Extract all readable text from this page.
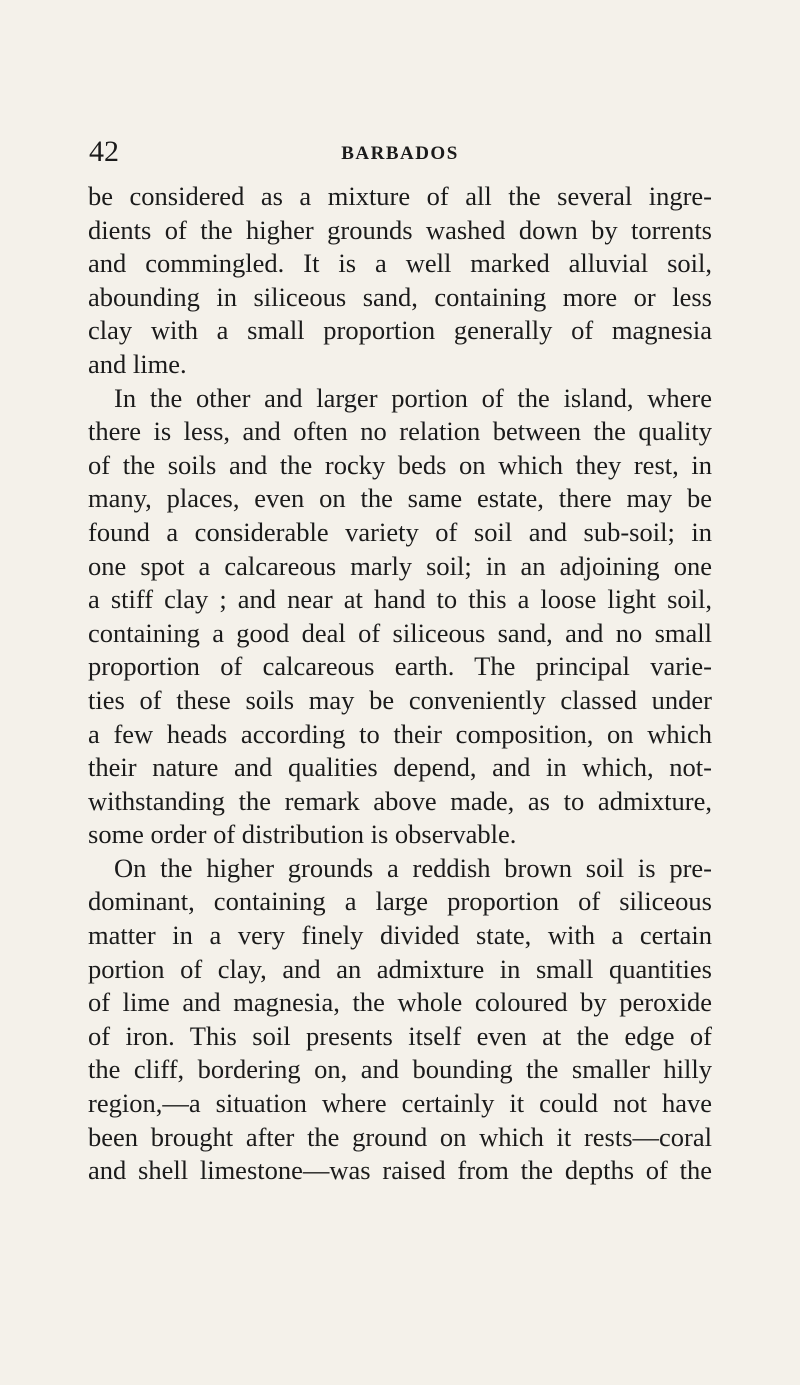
42	BARBADOS
be considered as a mixture of all the several ingre-
dients of the higher grounds washed down by torrents
and commingled. It is a well marked alluvial soil,
abounding in siliceous sand, containing more or less
clay with a small proportion generally of magnesia
and lime.
In the other and larger portion of the island, where
there is less, and often no relation between the quality
of the soils and the rocky beds on which they rest, in
many, places, even on the same estate, there may be
found a considerable variety of soil and sub-soil; in
one spot a calcareous marly soil; in an adjoining one
a stiff clay ; and near at hand to this a loose light soil,
containing a good deal of siliceous sand, and no small
proportion of calcareous earth. The principal varie-
ties of these soils may be conveniently classed under
a few heads according to their composition, on which
their nature and qualities depend, and in which, not-
withstanding the remark above made, as to admixture,
some order of distribution is observable.
On the higher grounds a reddish brown soil is pre-
dominant, containing a large proportion of siliceous
matter in a very finely divided state, with a certain
portion of clay, and an admixture in small quantities
of lime and magnesia, the whole coloured by peroxide
of iron. This soil presents itself even at the edge of
the cliff, bordering on, and bounding the smaller hilly
region,—a situation where certainly it could not have
been brought after the ground on which it rests—coral
and shell limestone—was raised from the depths of the
